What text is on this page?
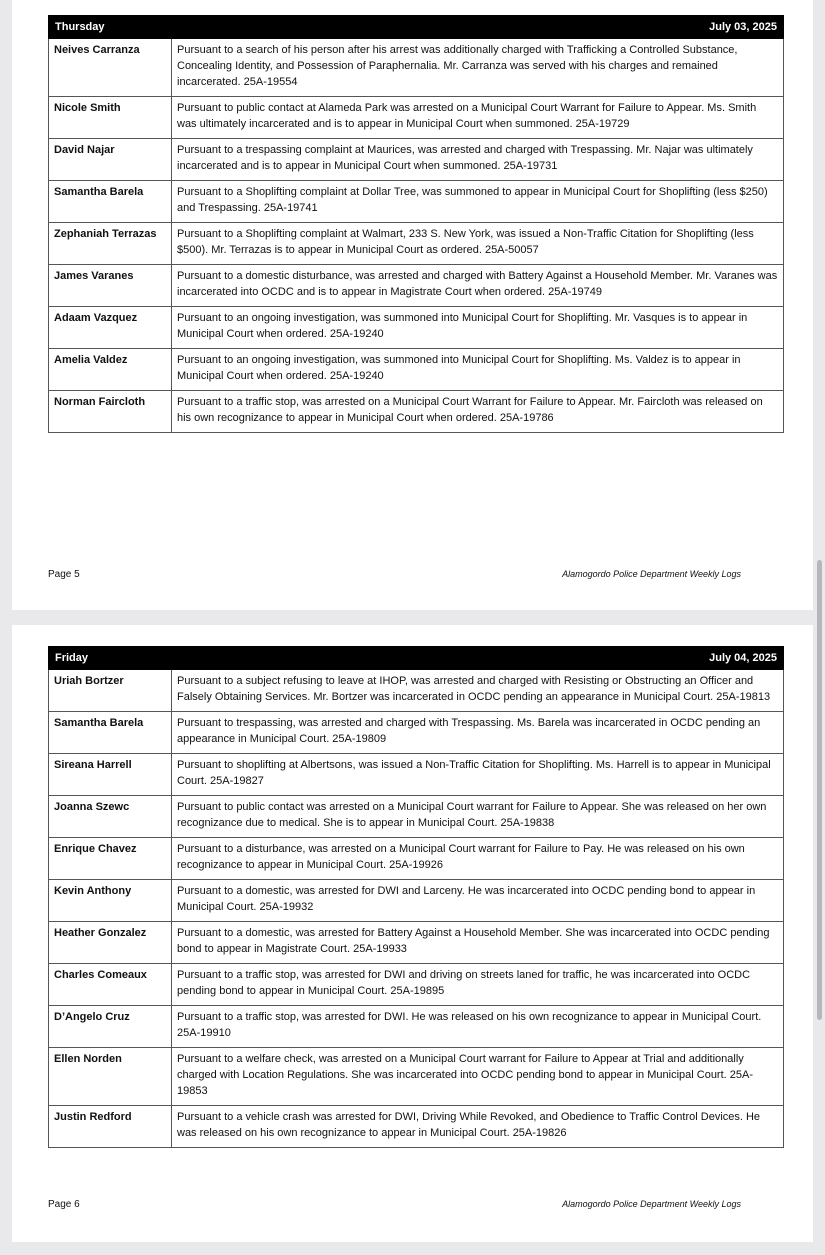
Thursday	July 03, 2025
Neives Carranza	Pursuant to a search of his person after his arrest was additionally charged with Trafficking a Controlled Substance, Concealing Identity, and Possession of Paraphernalia. Mr. Carranza was served with his charges and remained incarcerated. 25A-19554
Nicole Smith	Pursuant to public contact at Alameda Park was arrested on a Municipal Court Warrant for Failure to Appear. Ms. Smith was ultimately incarcerated and is to appear in Municipal Court when summoned. 25A-19729
David Najar	Pursuant to a trespassing complaint at Maurices, was arrested and charged with Trespassing. Mr. Najar was ultimately incarcerated and is to appear in Municipal Court when summoned. 25A-19731
Samantha Barela	Pursuant to a Shoplifting complaint at Dollar Tree, was summoned to appear in Municipal Court for Shoplifting (less $250) and Trespassing. 25A-19741
Zephaniah Terrazas	Pursuant to a Shoplifting complaint at Walmart, 233 S. New York, was issued a Non-Traffic Citation for Shoplifting (less $500). Mr. Terrazas is to appear in Municipal Court as ordered. 25A-50057
James Varanes	Pursuant to a domestic disturbance, was arrested and charged with Battery Against a Household Member. Mr. Varanes was incarcerated into OCDC and is to appear in Magistrate Court when ordered. 25A-19749
Adaam Vazquez	Pursuant to an ongoing investigation, was summoned into Municipal Court for Shoplifting. Mr. Vasques is to appear in Municipal Court when ordered. 25A-19240
Amelia Valdez	Pursuant to an ongoing investigation, was summoned into Municipal Court for Shoplifting. Ms. Valdez is to appear in Municipal Court when ordered. 25A-19240
Norman Faircloth	Pursuant to a traffic stop, was arrested on a Municipal Court Warrant for Failure to Appear. Mr. Faircloth was released on his own recognizance to appear in Municipal Court when ordered. 25A-19786
Page 5	Alamogordo Police Department Weekly Logs
Friday	July 04, 2025
Uriah Bortzer	Pursuant to a subject refusing to leave at IHOP, was arrested and charged with Resisting or Obstructing an Officer and Falsely Obtaining Services. Mr. Bortzer was incarcerated in OCDC pending an appearance in Municipal Court. 25A-19813
Samantha Barela	Pursuant to trespassing, was arrested and charged with Trespassing. Ms. Barela was incarcerated in OCDC pending an appearance in Municipal Court. 25A-19809
Sireana Harrell	Pursuant to shoplifting at Albertsons, was issued a Non-Traffic Citation for Shoplifting. Ms. Harrell is to appear in Municipal Court. 25A-19827
Joanna Szewc	Pursuant to public contact was arrested on a Municipal Court warrant for Failure to Appear. She was released on her own recognizance due to medical. She is to appear in Municipal Court. 25A-19838
Enrique Chavez	Pursuant to a disturbance, was arrested on a Municipal Court warrant for Failure to Pay. He was released on his own recognizance to appear in Municipal Court. 25A-19926
Kevin Anthony	Pursuant to a domestic, was arrested for DWI and Larceny. He was incarcerated into OCDC pending bond to appear in Municipal Court. 25A-19932
Heather Gonzalez	Pursuant to a domestic, was arrested for Battery Against a Household Member. She was incarcerated into OCDC pending bond to appear in Magistrate Court. 25A-19933
Charles Comeaux	Pursuant to a traffic stop, was arrested for DWI and driving on streets laned for traffic, he was incarcerated into OCDC pending bond to appear in Municipal Court. 25A-19895
D’Angelo Cruz	Pursuant to a traffic stop, was arrested for DWI. He was released on his own recognizance to appear in Municipal Court. 25A-19910
Ellen Norden	Pursuant to a welfare check, was arrested on a Municipal Court warrant for Failure to Appear at Trial and additionally charged with Location Regulations. She was incarcerated into OCDC pending bond to appear in Municipal Court. 25A-19853
Justin Redford	Pursuant to a vehicle crash was arrested for DWI, Driving While Revoked, and Obedience to Traffic Control Devices. He was released on his own recognizance to appear in Municipal Court. 25A-19826
Page 6	Alamogordo Police Department Weekly Logs
